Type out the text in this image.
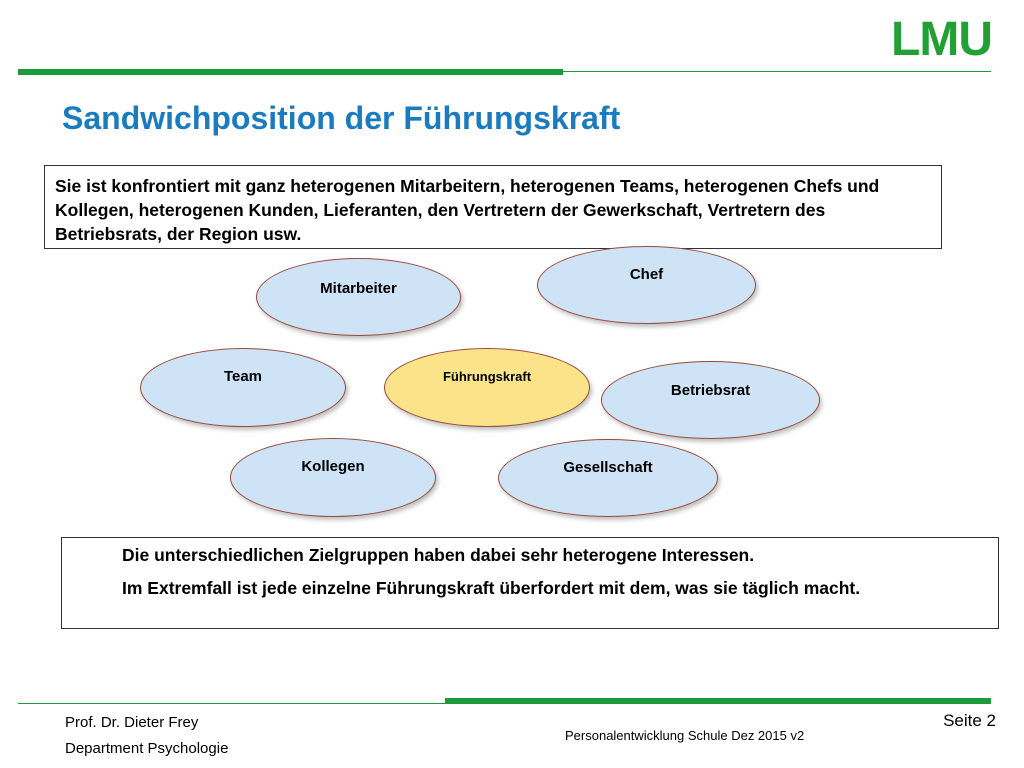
LMU
Sandwichposition der Führungskraft
Sie ist konfrontiert mit ganz heterogenen Mitarbeitern, heterogenen Teams, heterogenen Chefs und Kollegen, heterogenen Kunden, Lieferanten, den Vertretern der Gewerkschaft, Vertretern des Betriebsrats, der Region usw.
Mitarbeiter
Chef
Team	Führungskraft
Betriebsrat
Kollegen	Gesellschaft

Die unterschiedlichen Zielgruppen haben dabei sehr heterogene Interessen.

Im Extremfall ist jede einzelne Führungskraft überfordert mit dem, was sie täglich macht.

Prof. Dr. Dieter Frey
Department Psychologie
Personalentwicklung Schule Dez 2015 v2
Seite 2
